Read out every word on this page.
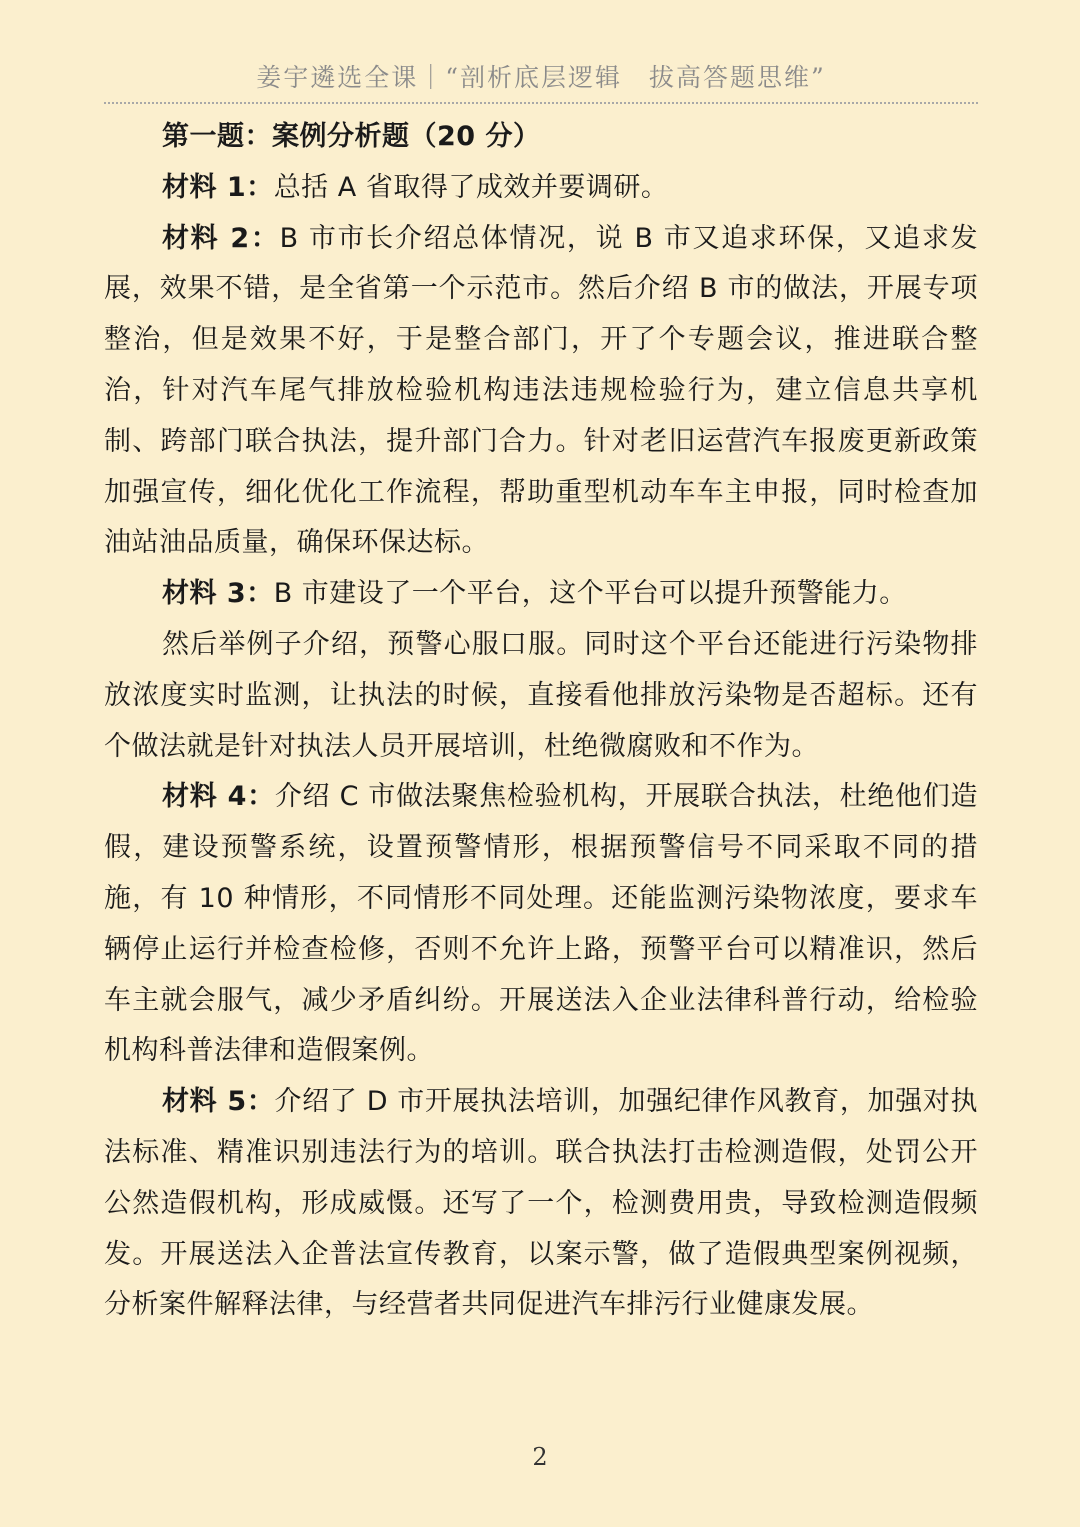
姜宇遴选全课｜“剖析底层逻辑　拔高答题思维”

第一题：案例分析题（20 分）

材料 1：总括 A 省取得了成效并要调研。

材料 2：B 市市长介绍总体情况，说 B 市又追求环保，又追求发展，效果不错，是全省第一个示范市。然后介绍 B 市的做法，开展专项整治，但是效果不好，于是整合部门，开了个专题会议，推进联合整治，针对汽车尾气排放检验机构违法违规检验行为，建立信息共享机制、跨部门联合执法，提升部门合力。针对老旧运营汽车报废更新政策加强宣传，细化优化工作流程，帮助重型机动车车主申报，同时检查加油站油品质量，确保环保达标。

材料 3：B 市建设了一个平台，这个平台可以提升预警能力。

然后举例子介绍，预警心服口服。同时这个平台还能进行污染物排放浓度实时监测，让执法的时候，直接看他排放污染物是否超标。还有个做法就是针对执法人员开展培训，杜绝微腐败和不作为。

材料 4：介绍 C 市做法聚焦检验机构，开展联合执法，杜绝他们造假，建设预警系统，设置预警情形，根据预警信号不同采取不同的措施，有 10 种情形，不同情形不同处理。还能监测污染物浓度，要求车辆停止运行并检查检修，否则不允许上路，预警平台可以精准识，然后车主就会服气，减少矛盾纠纷。开展送法入企业法律科普行动，给检验机构科普法律和造假案例。

材料 5：介绍了 D 市开展执法培训，加强纪律作风教育，加强对执法标准、精准识别违法行为的培训。联合执法打击检测造假，处罚公开公然造假机构，形成威慑。还写了一个，检测费用贵，导致检测造假频发。开展送法入企普法宣传教育，以案示警，做了造假典型案例视频，分析案件解释法律，与经营者共同促进汽车排污行业健康发展。

2
